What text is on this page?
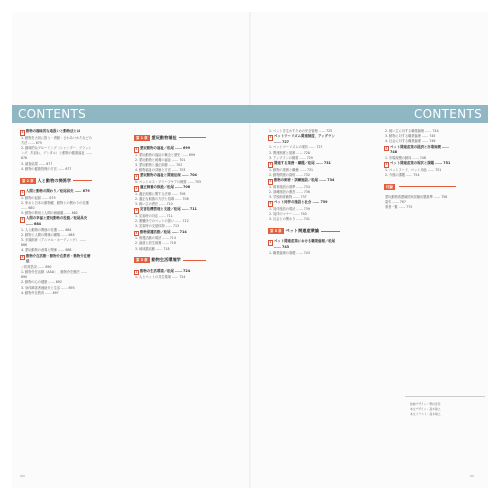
CONTENTS	CONTENTS
2 動物の趣味的な取扱いと動物法とは
1. 動物を大切に扱う・責動・さわあいかたなどの方法 …… 675
2. 趣味的なグルーミング（シャンプー、ブラッシング、爪切れ、デンタル）と動物の健康福祉 …… 676
3. 調査結果 …… 677
4. 動物の健康管理の方法 …… 677
第 2 章 人と動物の関係学
1 人間と動物の関わり／松尾昌央 …… 679
1. 動物の起源 …… 679
2. 家ネと日本の動物観、動物との関わりの変遷 …… 680
3. 動物の利用と人間の価値観 …… 682
2 人間の幸福と愛玩動物の役割／松尾昌央 …… 684
1. 人と動物の関係の変遷 …… 684
2. 動物と人間の関係の構築 …… 685
3. 多頭飼育（アニマル・ホーディング） …… 686
4. 愛玩動物の意義と関係 …… 688
3 動物介在活動・動物介在教育・動物介在療法
／松尾昌央 …… 690
1. 動物介在活動（AAA）、動物介在療法 …… 690
2. 動物の心の健康 …… 692
3. 身体障害者補助犬と生活 …… 695
4. 動物介在教育 …… 697
第 1 章 愛玩動物福祉
1 愛玩動物の福祉／松尾 …… 699
1. 愛玩動物の福祉の概念と歴史 …… 699
2. 愛玩動物と飼養の福祉 …… 701
3. 愛玩動物と適正飼養 …… 702
4. 動物福祉の評価と方法 …… 703
2 愛玩動物の福祉と関連法規 …… 704
5. ペットロス・グリーフケアの概要 …… 705
2 適正飼養の推進／松尾 …… 706
1. 適正飼養に関する法律 …… 706
2. 適正な飼養の方法と指導 …… 708
3. 飼い主の責任 …… 710
3 災害危機管理と支援／松尾 …… 711
1. 災害時の対応 …… 711
2. 避難所でのペットの扱い …… 712
3. 災害時の支援体制 …… 713
4 動物保護活動／松尾 …… 714
1. 保護活動の現状 …… 714
2. 譲渡と終生飼養 …… 716
3. 地域猫活動 …… 718
第 3 章 動物生活環境学
1 動物の生活環境／松尾 …… 724
1. 人とペットの共生環境 …… 724
1. ペットを生かすための安全管理 …… 725
2 ペットツーリズム関連制度、アップラン …… 727
1. ペットツーリズムの現状 …… 727
2. 関連制度と規制 …… 728
3. アップランの概要 …… 729
3 関連する業務・職種／松尾 …… 731
1. 動物の業務と職種 …… 731
2. 動物関連の資格 …… 732
4 動物の飼育・訓練施設／松尾 …… 734
1. 飼育施設の基準 …… 734
2. 訓練施設の運営 …… 736
3. 学校飼育動物 …… 737
5 ペット同伴の施設と社会 …… 739
1. 同伴施設の現状 …… 739
2. 同伴のマナー …… 740
3. 社会との関わり …… 741
第 5 章 ペット関連産業論
1 ペット関連産業における職業倫理／松尾 …… 743
1. 職業倫理の基礎 …… 743
2. 飼い主に対する職業倫理 …… 744
3. 動物に対する職業倫理 …… 745
4. 社会に対する職業倫理 …… 746
2 ペット関連産業の経済と市場規模 …… 748
1. 市場規模の動向 …… 748
3 ペット関連産業の現状と課題 …… 751
1. ペットフード、ペット用品 …… 751
2. 今後の課題 …… 754
付録
愛玩動物看護師国家試験出題基準 …… 756
索引 …… 767
著者一覧 …… 775
装幀デザイン：野村佳奈
本文デザイン：高木敏之
本文イラスト：高木敏之
xiv	xv
